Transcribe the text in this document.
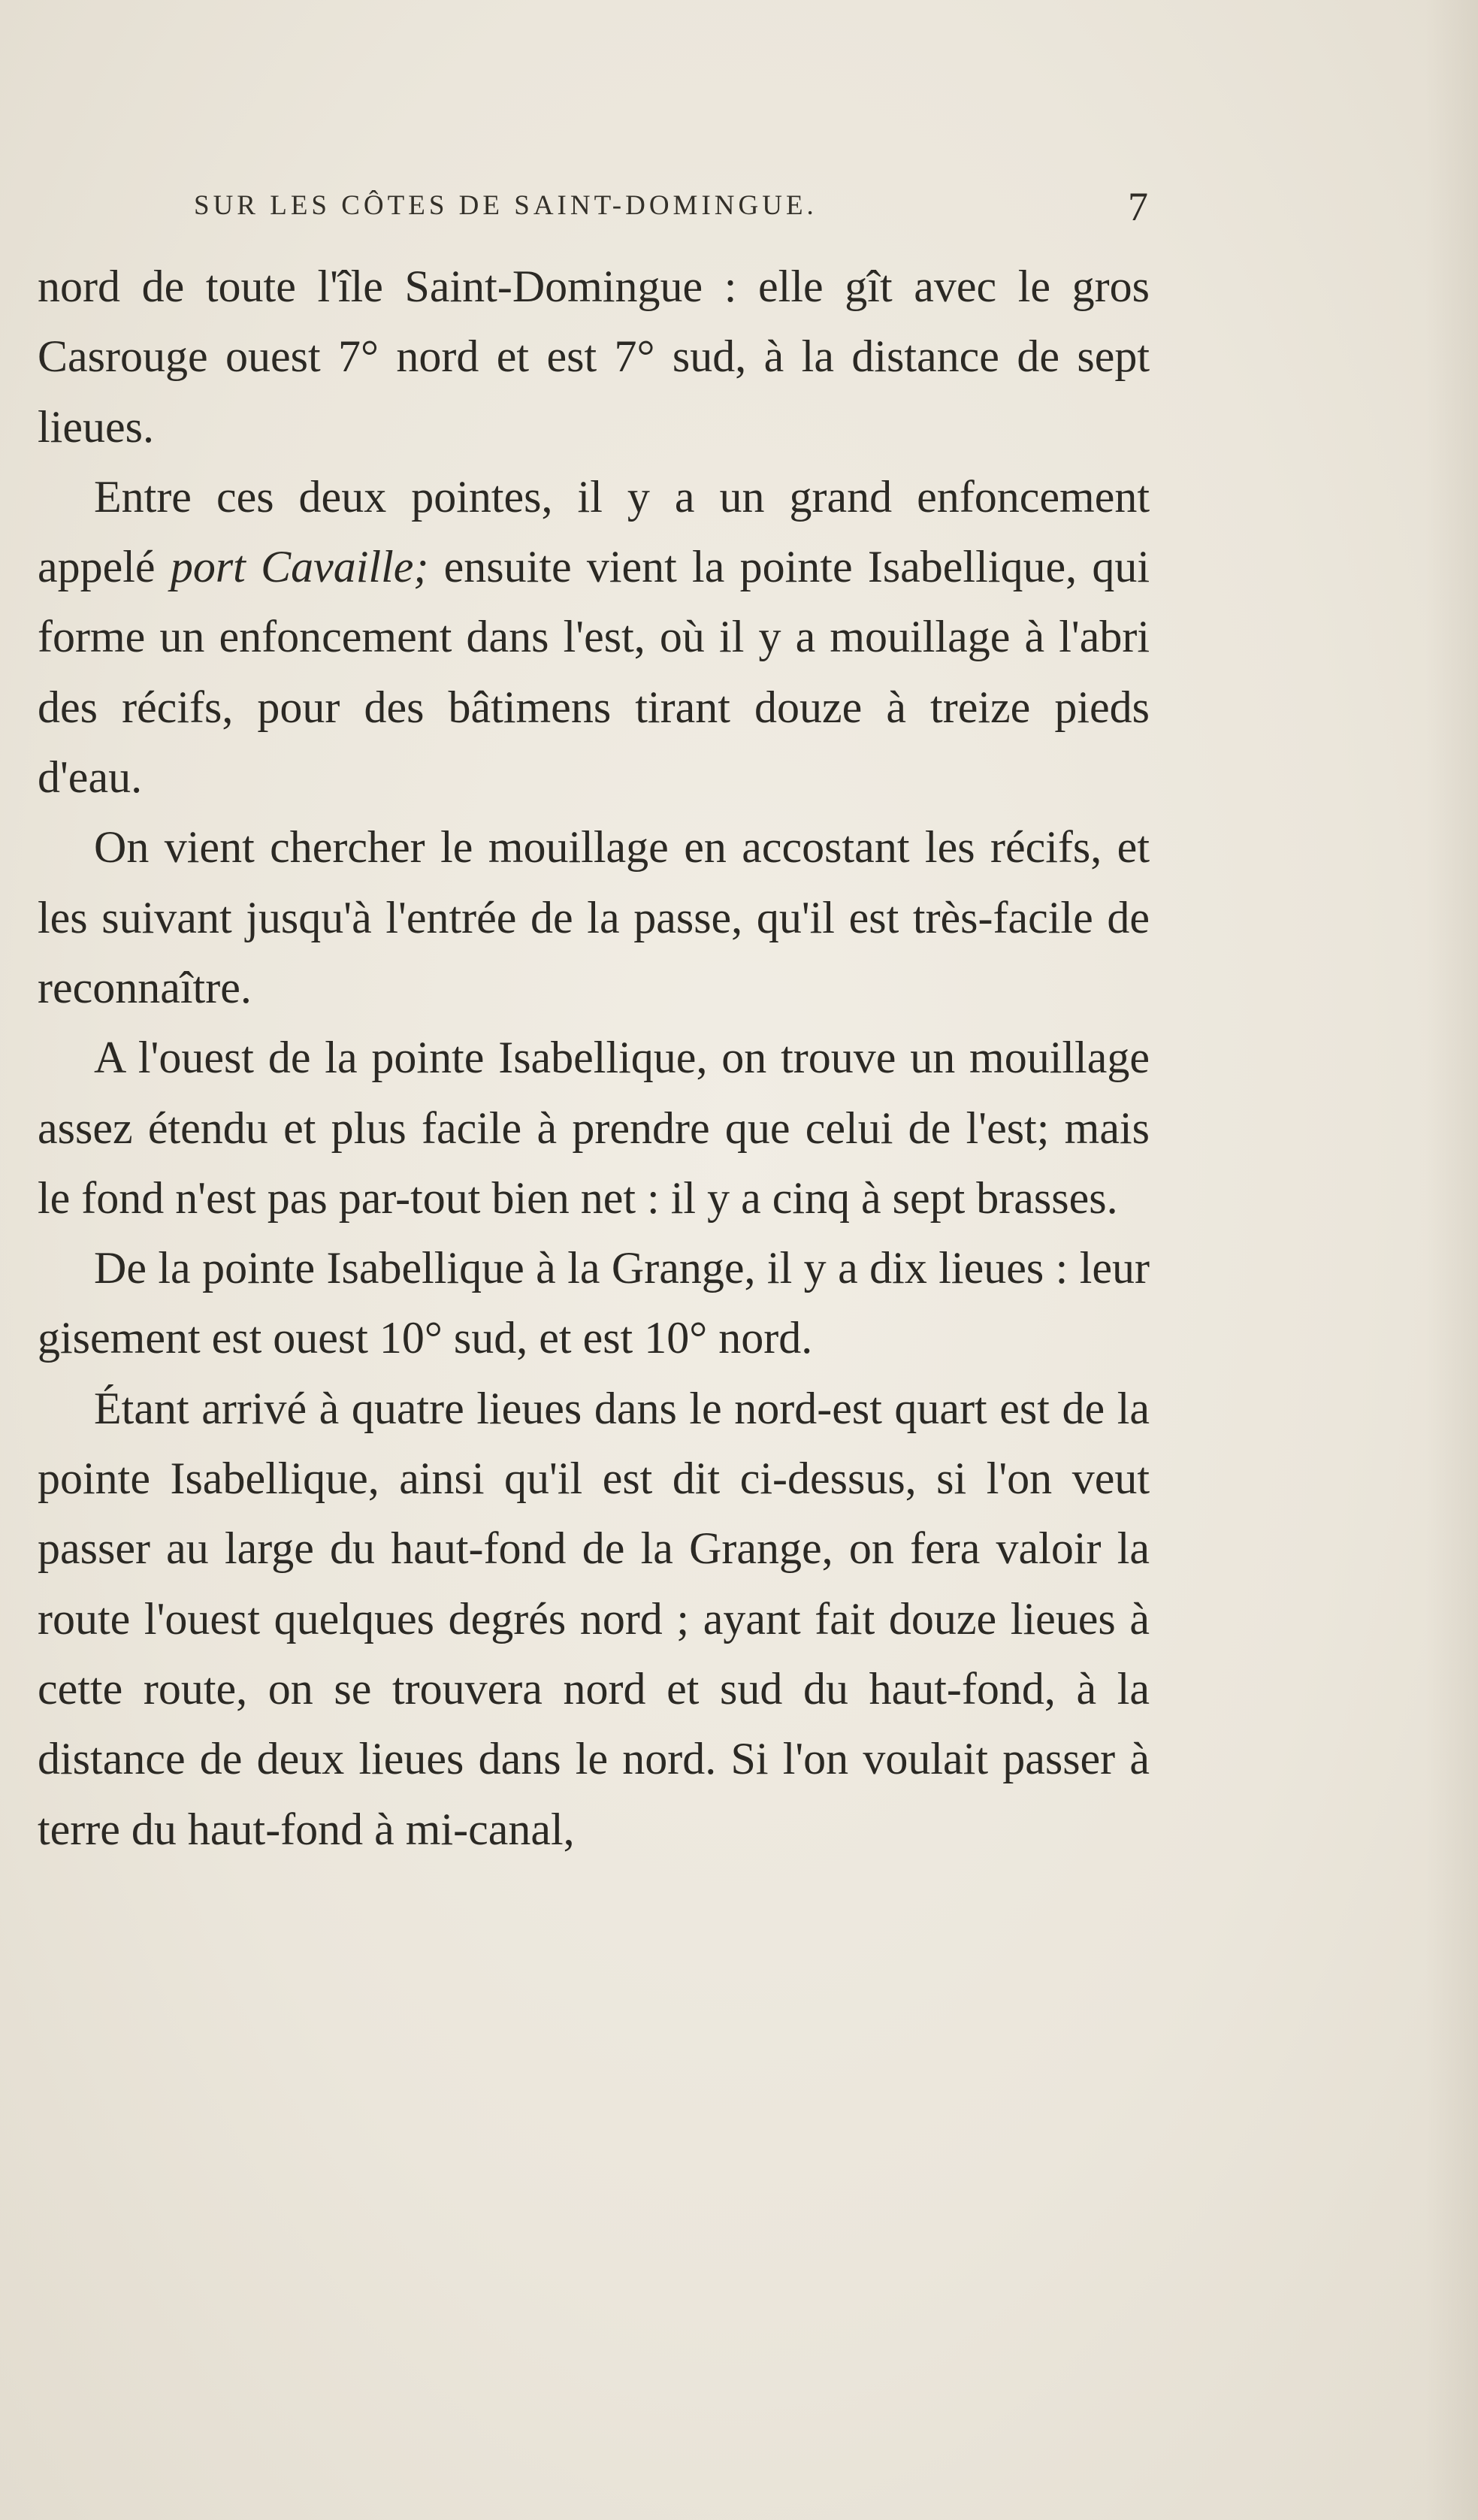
SUR LES CÔTES DE SAINT-DOMINGUE.	7

nord de toute l'île Saint-Domingue : elle gît avec le gros Casrouge ouest 7° nord et est 7° sud, à la distance de sept lieues.

Entre ces deux pointes, il y a un grand enfoncement appelé port Cavaille; ensuite vient la pointe Isabellique, qui forme un enfoncement dans l'est, où il y a mouillage à l'abri des récifs, pour des bâtimens tirant douze à treize pieds d'eau.

On vient chercher le mouillage en accostant les récifs, et les suivant jusqu'à l'entrée de la passe, qu'il est très-facile de reconnaître.

A l'ouest de la pointe Isabellique, on trouve un mouillage assez étendu et plus facile à prendre que celui de l'est; mais le fond n'est pas par-tout bien net : il y a cinq à sept brasses.

De la pointe Isabellique à la Grange, il y a dix lieues : leur gisement est ouest 10° sud, et est 10° nord.

Étant arrivé à quatre lieues dans le nord-est quart est de la pointe Isabellique, ainsi qu'il est dit ci-dessus, si l'on veut passer au large du haut-fond de la Grange, on fera valoir la route l'ouest quelques degrés nord ; ayant fait douze lieues à cette route, on se trouvera nord et sud du haut-fond, à la distance de deux lieues dans le nord. Si l'on voulait passer à terre du haut-fond à mi-canal,
